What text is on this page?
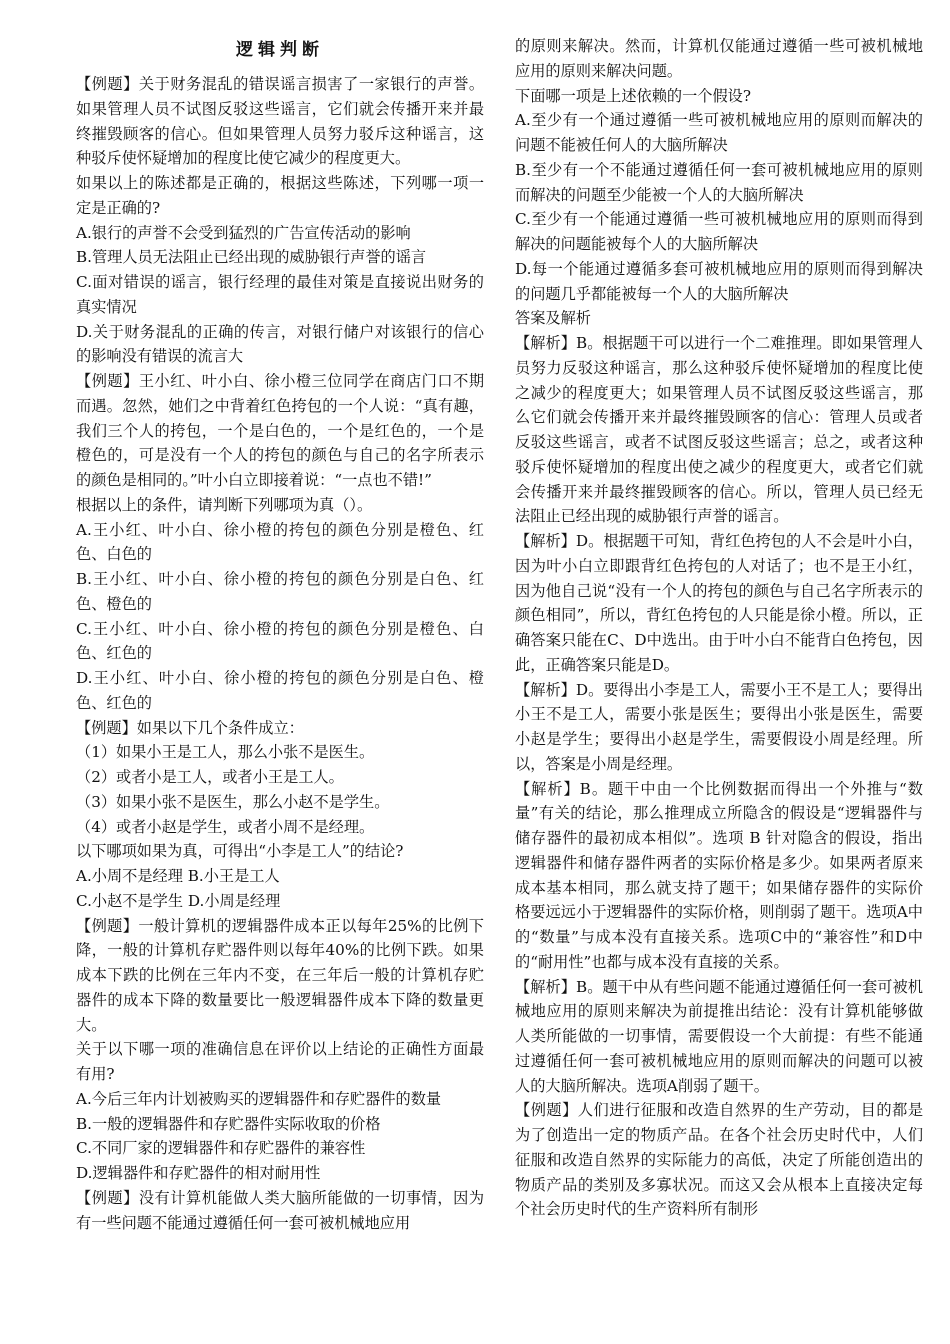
逻辑判断

【例题】关于财务混乱的错误谣言损害了一家银行的声誉。如果管理人员不试图反驳这些谣言，它们就会传播开来并最终摧毁顾客的信心。但如果管理人员努力驳斥这种谣言，这种驳斥使怀疑增加的程度比使它减少的程度更大。

如果以上的陈述都是正确的，根据这些陈述，下列哪一项一定是正确的?

A.银行的声誉不会受到猛烈的广告宣传活动的影响

B.管理人员无法阻止已经出现的威胁银行声誉的谣言

C.面对错误的谣言，银行经理的最佳对策是直接说出财务的真实情况

D.关于财务混乱的正确的传言，对银行储户对该银行的信心的影响没有错误的流言大

【例题】王小红、叶小白、徐小橙三位同学在商店门口不期而遇。忽然，她们之中背着红色挎包的一个人说：“真有趣，我们三个人的挎包，一个是白色的，一个是红色的，一个是橙色的，可是没有一个人的挎包的颜色与自己的名字所表示的颜色是相同的。”叶小白立即接着说：“一点也不错!”

根据以上的条件，请判断下列哪项为真（）。

A.王小红、叶小白、徐小橙的挎包的颜色分别是橙色、红色、白色的

B.王小红、叶小白、徐小橙的挎包的颜色分别是白色、红色、橙色的

C.王小红、叶小白、徐小橙的挎包的颜色分别是橙色、白色、红色的

D.王小红、叶小白、徐小橙的挎包的颜色分别是白色、橙色、红色的

【例题】如果以下几个条件成立：

（1）如果小王是工人，那么小张不是医生。

（2）或者小是工人，或者小王是工人。

（3）如果小张不是医生，那么小赵不是学生。

（4）或者小赵是学生，或者小周不是经理。

以下哪项如果为真，可得出“小李是工人”的结论?

A.小周不是经理 B.小王是工人

C.小赵不是学生 D.小周是经理

【例题】一般计算机的逻辑器件成本正以每年25%的比例下降，一般的计算机存贮器件则以每年40%的比例下跌。如果成本下跌的比例在三年内不变，在三年后一般的计算机存贮器件的成本下降的数量要比一般逻辑器件成本下降的数量更大。

关于以下哪一项的准确信息在评价以上结论的正确性方面最有用?

A.今后三年内计划被购买的逻辑器件和存贮器件的数量

B.一般的逻辑器件和存贮器件实际收取的价格

C.不同厂家的逻辑器件和存贮器件的兼容性

D.逻辑器件和存贮器件的相对耐用性

【例题】没有计算机能做人类大脑所能做的一切事情，因为有一些问题不能通过遵循任何一套可被机械地应用

的原则来解决。然而，计算机仅能通过遵循一些可被机械地应用的原则来解决问题。

下面哪一项是上述依赖的一个假设?

A.至少有一个通过遵循一些可被机械地应用的原则而解决的问题不能被任何人的大脑所解决

B.至少有一个不能通过遵循任何一套可被机械地应用的原则而解决的问题至少能被一个人的大脑所解决

C.至少有一个能通过遵循一些可被机械地应用的原则而得到解决的问题能被每个人的大脑所解决

D.每一个能通过遵循多套可被机械地应用的原则而得到解决的问题几乎都能被每一个人的大脑所解决

答案及解析

【解析】B。根据题干可以进行一个二难推理。即如果管理人员努力反驳这种谣言，那么这种驳斥使怀疑增加的程度比使之减少的程度更大；如果管理人员不试图反驳这些谣言，那么它们就会传播开来并最终摧毁顾客的信心：管理人员或者反驳这些谣言，或者不试图反驳这些谣言；总之，或者这种驳斥使怀疑增加的程度出使之减少的程度更大，或者它们就会传播开来并最终摧毁顾客的信心。所以，管理人员已经无法阻止已经出现的威胁银行声誉的谣言。

【解析】D。根据题干可知，背红色挎包的人不会是叶小白，因为叶小白立即跟背红色挎包的人对话了；也不是王小红，因为他自己说“没有一个人的挎包的颜色与自己名字所表示的颜色相同”，所以，背红色挎包的人只能是徐小橙。所以，正确答案只能在C、D中选出。由于叶小白不能背白色挎包，因此，正确答案只能是D。

【解析】D。要得出小李是工人，需要小王不是工人；要得出小王不是工人，需要小张是医生；要得出小张是医生，需要小赵是学生；要得出小赵是学生，需要假设小周是经理。所以，答案是小周是经理。

【解析】B。题干中由一个比例数据而得出一个外推与“数量”有关的结论，那么推理成立所隐含的假设是“逻辑器件与储存器件的最初成本相似”。选项 B 针对隐含的假设，指出逻辑器件和储存器件两者的实际价格是多少。如果两者原来成本基本相同，那么就支持了题干；如果储存器件的实际价格要远远小于逻辑器件的实际价格，则削弱了题干。选项A中的“数量”与成本没有直接关系。选项C中的“兼容性”和D中的“耐用性”也都与成本没有直接的关系。

【解析】B。题干中从有些问题不能通过遵循任何一套可被机械地应用的原则来解决为前提推出结论：没有计算机能够做人类所能做的一切事情，需要假设一个大前提：有些不能通过遵循任何一套可被机械地应用的原则而解决的问题可以被人的大脑所解决。选项A削弱了题干。

【例题】人们进行征服和改造自然界的生产劳动，目的都是为了创造出一定的物质产品。在各个社会历史时代中，人们征服和改造自然界的实际能力的高低，决定了所能创造出的物质产品的类别及多寡状况。而这又会从根本上直接决定每个社会历史时代的生产资料所有制形
